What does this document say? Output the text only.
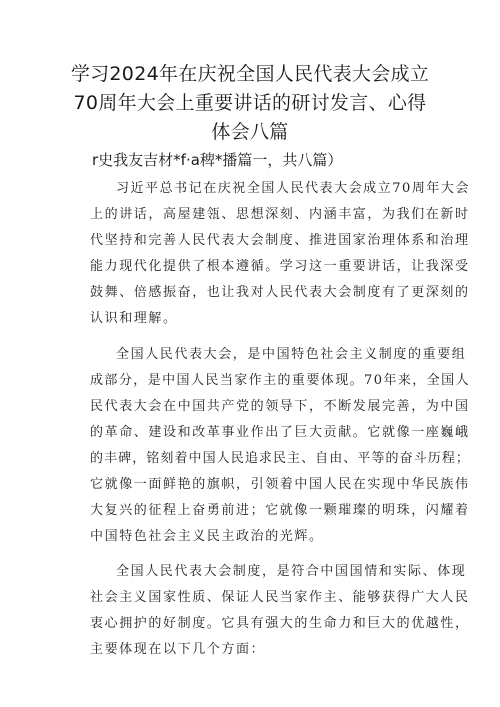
学习2024年在庆祝全国人民代表大会成立
70周年大会上重要讲话的研讨发言、心得
体会八篇
r史我友吉材*f·a稗*播篇一，共八篇）
习近平总书记在庆祝全国人民代表大会成立70周年大会
上的讲话，高屋建瓴、思想深刻、内涵丰富，为我们在新时
代坚持和完善人民代表大会制度、推进国家治理体系和治理
能力现代化提供了根本遵循。学习这一重要讲话，让我深受
鼓舞、倍感振奋，也让我对人民代表大会制度有了更深刻的
认识和理解。
全国人民代表大会，是中国特色社会主义制度的重要组
成部分，是中国人民当家作主的重要体现。70年来，全国人
民代表大会在中国共产党的领导下，不断发展完善，为中国
的革命、建设和改革事业作出了巨大贡献。它就像一座巍峨
的丰碑，铭刻着中国人民追求民主、自由、平等的奋斗历程；
它就像一面鲜艳的旗帜，引领着中国人民在实现中华民族伟
大复兴的征程上奋勇前进；它就像一颗璀璨的明珠，闪耀着
中国特色社会主义民主政治的光辉。
全国人民代表大会制度，是符合中国国情和实际、体现
社会主义国家性质、保证人民当家作主、能够获得广大人民
衷心拥护的好制度。它具有强大的生命力和巨大的优越性，
主要体现在以下几个方面：
